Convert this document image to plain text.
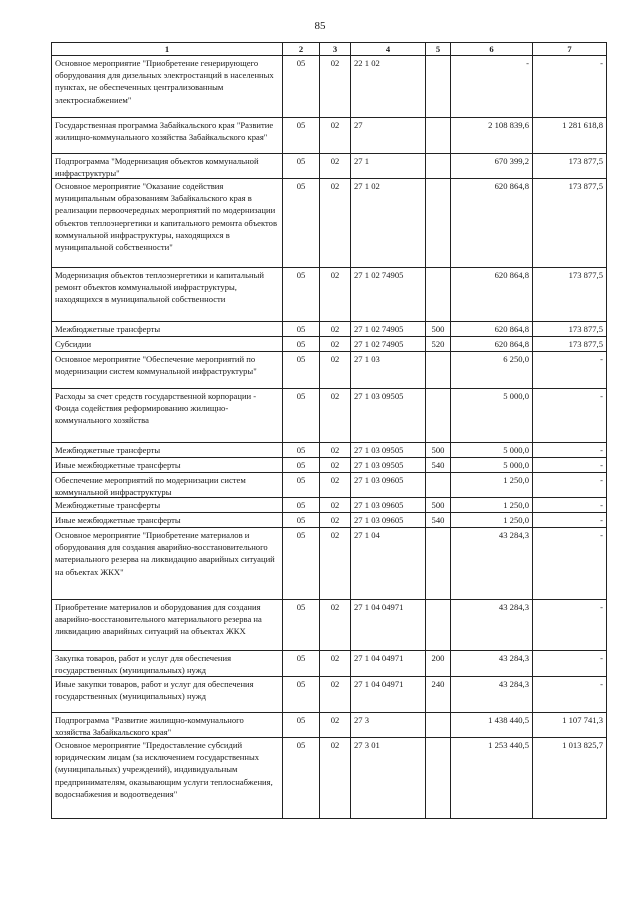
85
1	2	3	4	5	6	7

Основное мероприятие "Приобретение генерирующего оборудования для дизельных электростанций в населенных пунктах, не обеспеченных централизованным электроснабжением"	05	02	22 1 02		-	-

Государственная программа Забайкальского края "Развитие жилищно-коммунального хозяйства Забайкальского края"	05	02	27		2 108 839,6	1 281 618,8

Подпрограмма "Модернизация объектов коммунальной инфраструктуры"	05	02	27 1		670 399,2	173 877,5

Основное мероприятие "Оказание содействия муниципальным образованиям Забайкальского края в реализации первоочередных мероприятий по модернизации объектов теплоэнергетики и капитального ремонта объектов коммунальной инфраструктуры, находящихся в муниципальной собственности"	05	02	27 1 02		620 864,8	173 877,5

Модернизация объектов теплоэнергетики и капитальный ремонт объектов коммунальной инфраструктуры, находящихся в муниципальной собственности	05	02	27 1 02 74905		620 864,8	173 877,5

Межбюджетные трансферты	05	02	27 1 02 74905	500	620 864,8	173 877,5

Субсидии	05	02	27 1 02 74905	520	620 864,8	173 877,5

Основное мероприятие "Обеспечение мероприятий по модернизации систем коммунальной инфраструктуры"	05	02	27 1 03		6 250,0	-

Расходы за счет средств государственной корпорации - Фонда содействия реформированию жилищно-коммунального хозяйства	05	02	27 1 03 09505		5 000,0	-

Межбюджетные трансферты	05	02	27 1 03 09505	500	5 000,0	-

Иные межбюджетные трансферты	05	02	27 1 03 09505	540	5 000,0	-

Обеспечение мероприятий по модернизации систем коммунальной инфраструктуры	05	02	27 1 03 09605		1 250,0	-

Межбюджетные трансферты	05	02	27 1 03 09605	500	1 250,0	-

Иные межбюджетные трансферты	05	02	27 1 03 09605	540	1 250,0	-

Основное мероприятие "Приобретение материалов и оборудования для создания аварийно-восстановительного материального резерва на ликвидацию аварийных ситуаций на объектах ЖКХ"	05	02	27 1 04		43 284,3	-

Приобретение материалов и оборудования для создания аварийно-восстановительного материального резерва на ликвидацию аварийных ситуаций на объектах ЖКХ	05	02	27 1 04 04971		43 284,3	-

Закупка товаров, работ и услуг для обеспечения государственных (муниципальных) нужд	05	02	27 1 04 04971	200	43 284,3	-

Иные закупки товаров, работ и услуг для обеспечения государственных (муниципальных) нужд	05	02	27 1 04 04971	240	43 284,3	-

Подпрограмма "Развитие жилищно-коммунального хозяйства Забайкальского края"	05	02	27 3		1 438 440,5	1 107 741,3

Основное мероприятие "Предоставление субсидий юридическим лицам (за исключением государственных (муниципальных) учреждений), индивидуальным предпринимателям, оказывающим услуги теплоснабжения, водоснабжения и водоотведения"	05	02	27 3 01		1 253 440,5	1 013 825,7
